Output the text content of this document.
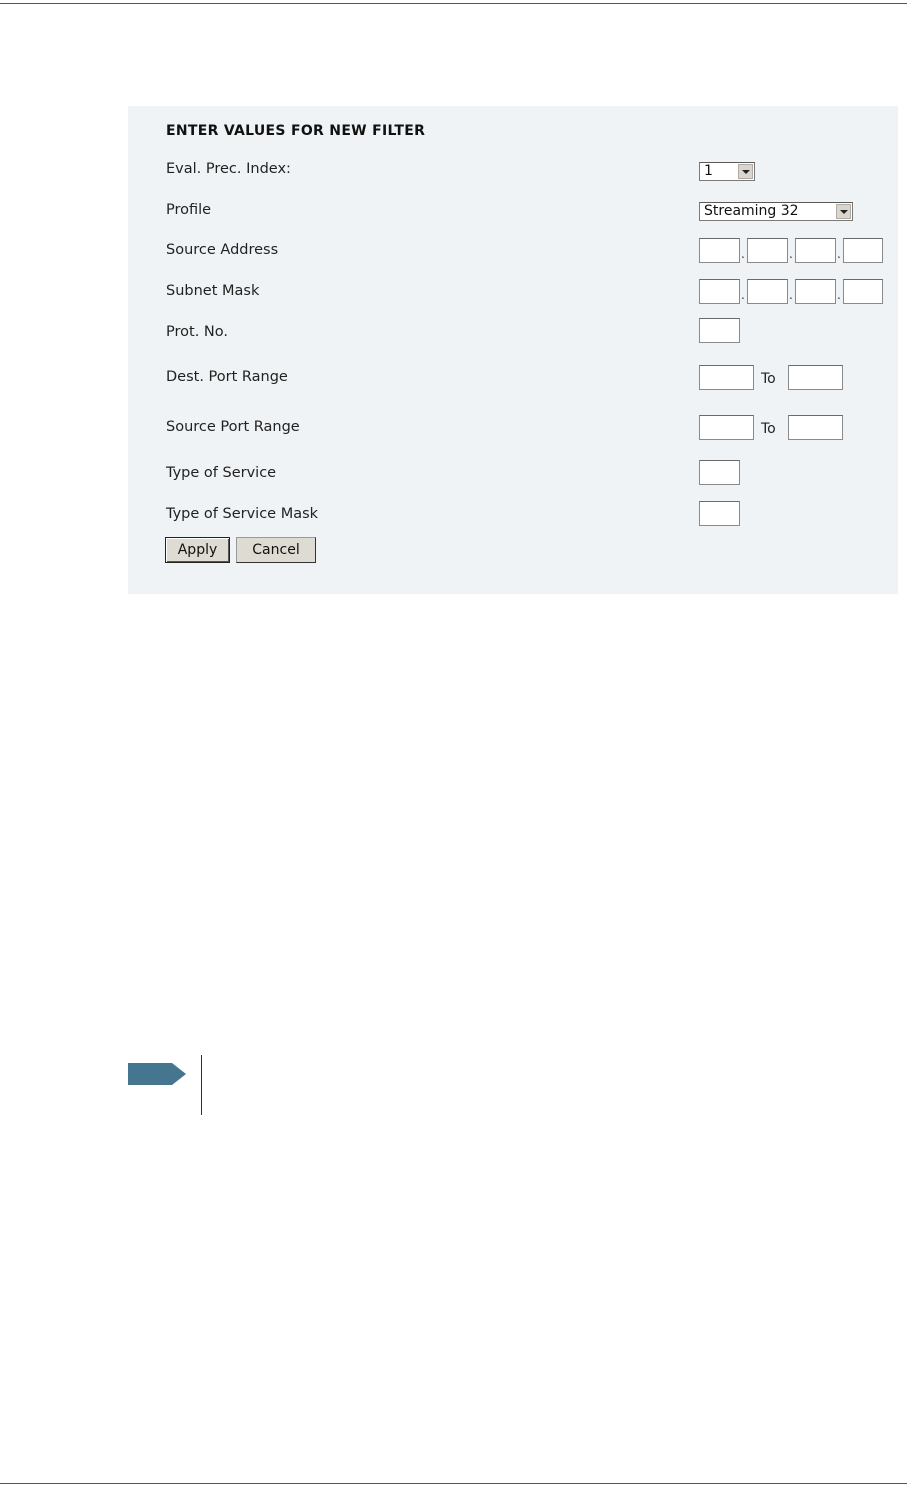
ENTER VALUES FOR NEW FILTER
Eval. Prec. Index:	1
Profile	Streaming 32
Source Address	.	.	.
Subnet Mask	.	.	.
Prot. No.
Dest. Port Range	To
Source Port Range	To
Type of Service
Type of Service Mask
Apply	Cancel
